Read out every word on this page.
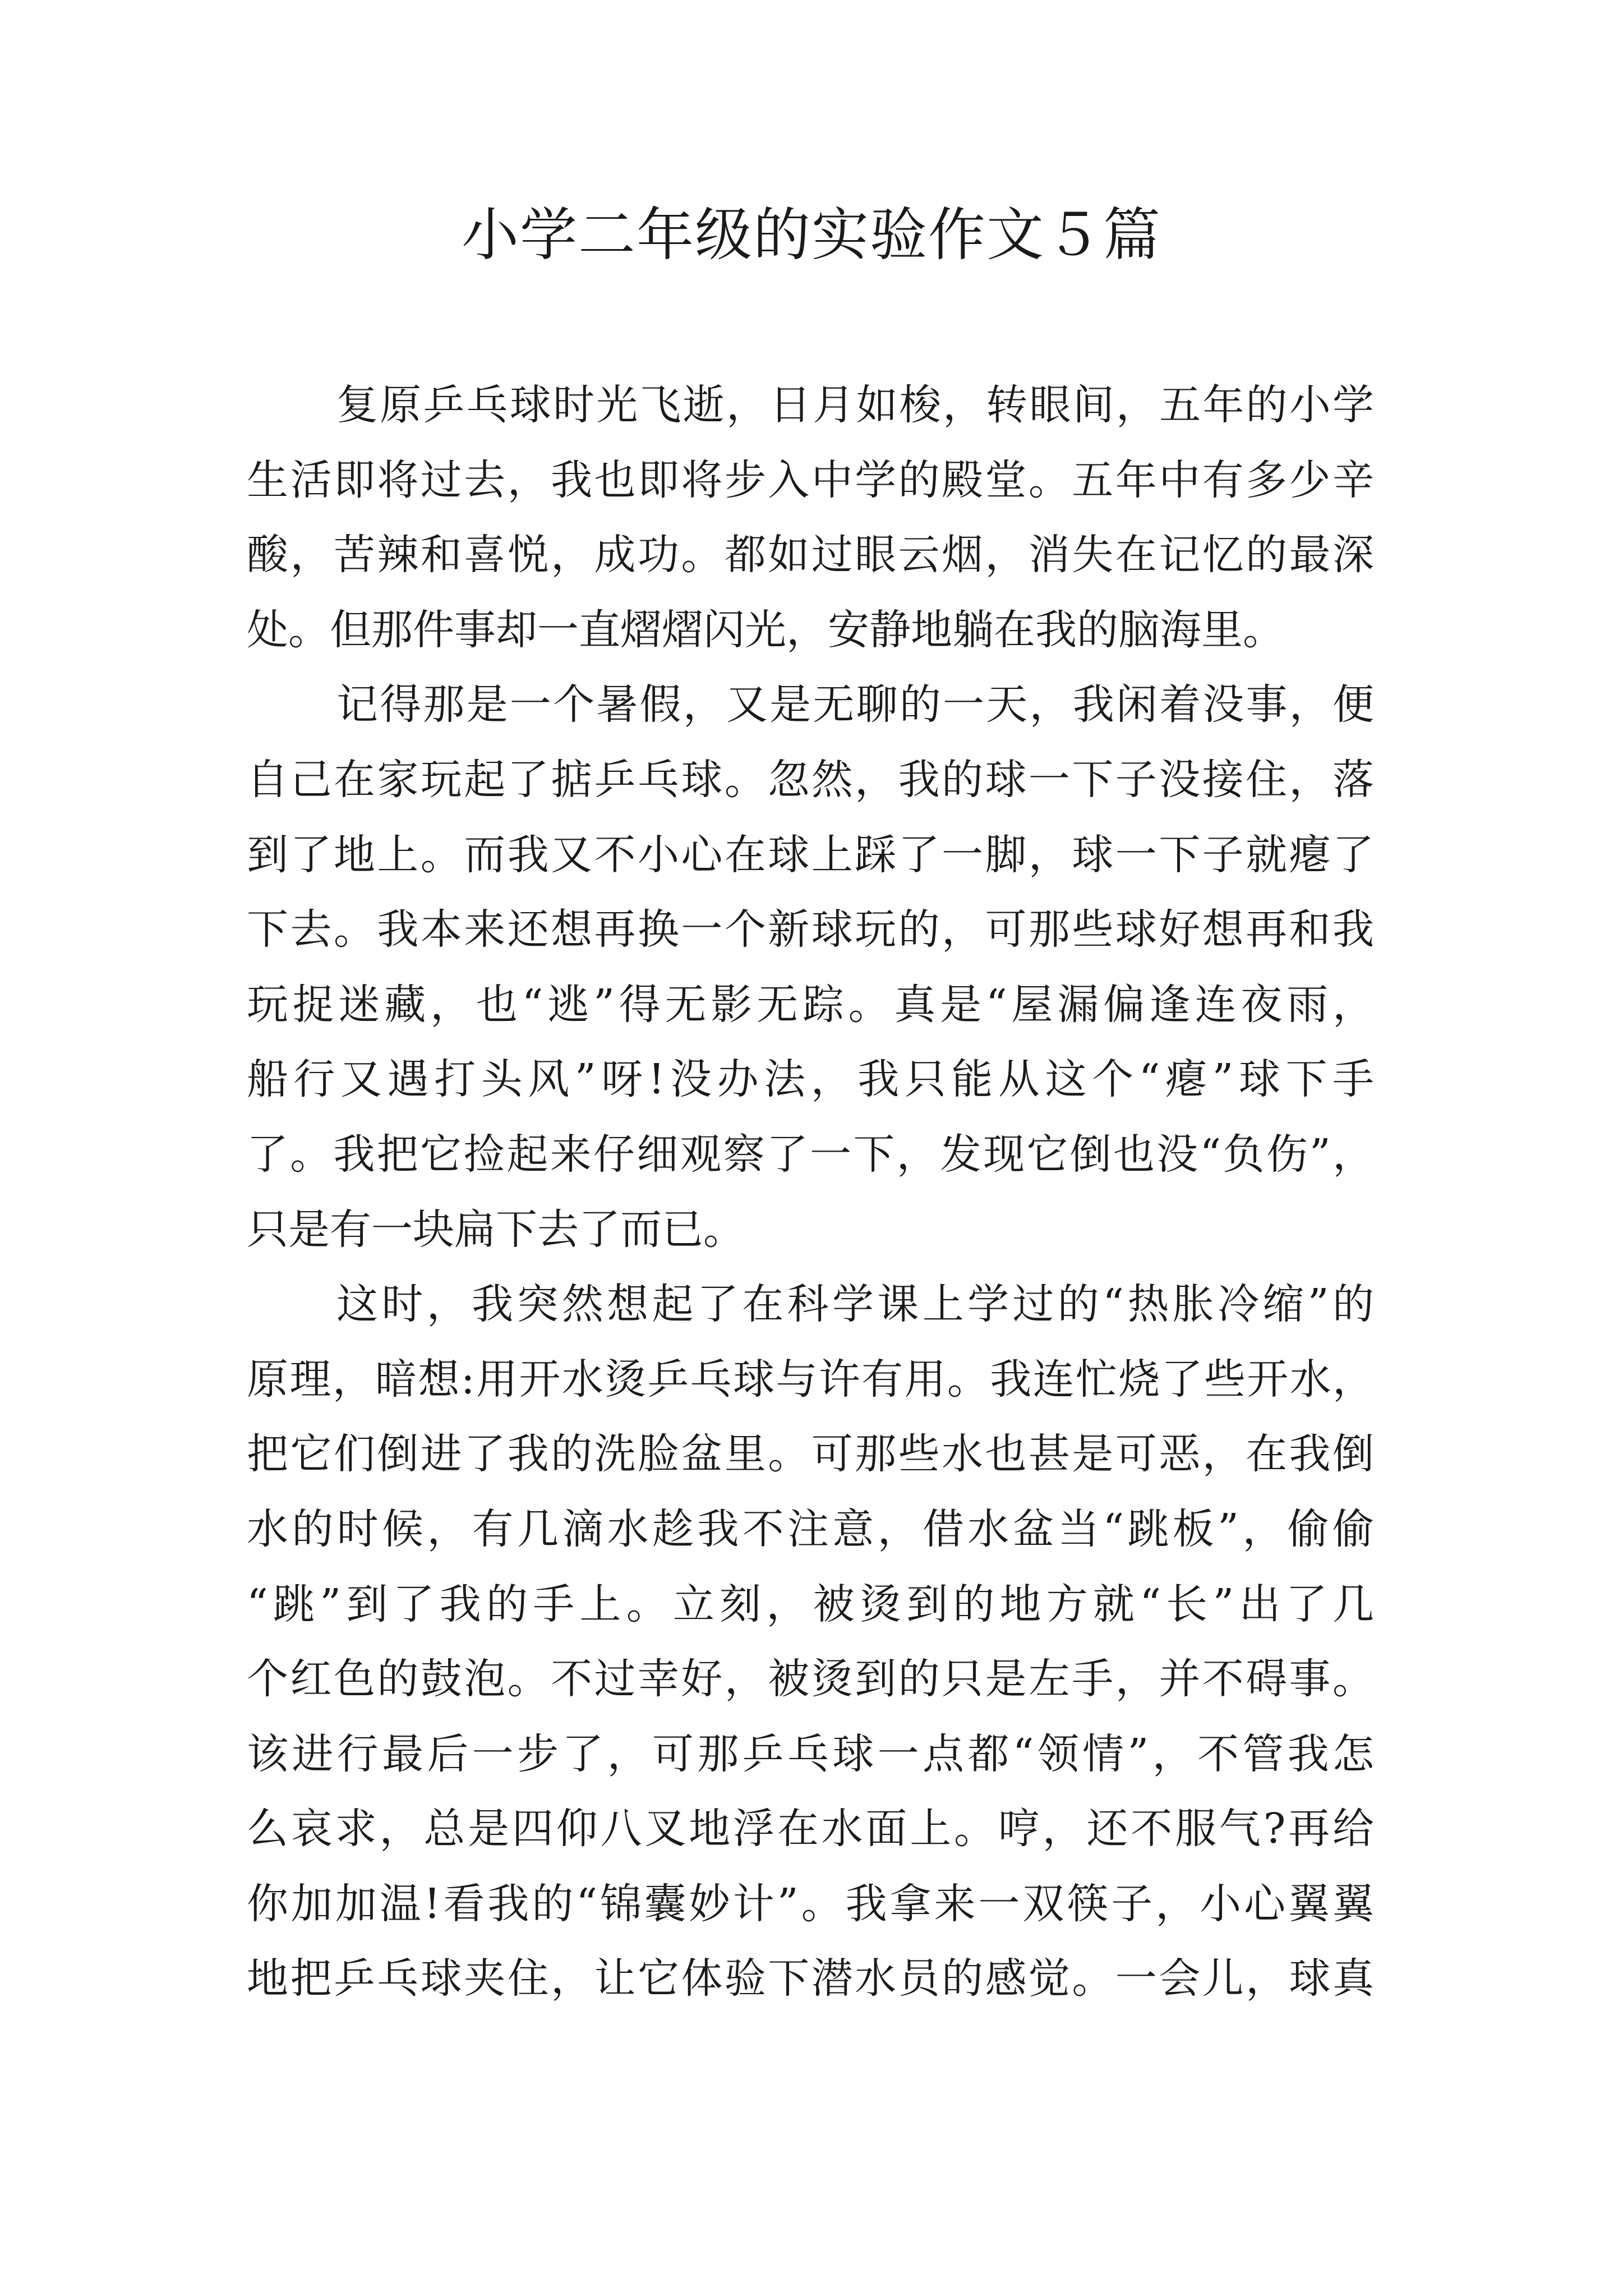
小学二年级的实验作文５篇
复原乒乓球时光飞逝，日月如梭，转眼间，五年的小学
生活即将过去，我也即将步入中学的殿堂。五年中有多少辛
酸，苦辣和喜悦，成功。都如过眼云烟，消失在记忆的最深
处。但那件事却一直熠熠闪光，安静地躺在我的脑海里。
记得那是一个暑假，又是无聊的一天，我闲着没事，便
自己在家玩起了掂乒乓球。忽然，我的球一下子没接住，落
到了地上。而我又不小心在球上踩了一脚，球一下子就瘪了
下去。我本来还想再换一个新球玩的，可那些球好想再和我
玩捉迷藏，也“逃”得无影无踪。真是“屋漏偏逢连夜雨，
船行又遇打头风”呀!没办法，我只能从这个“瘪”球下手
了。我把它捡起来仔细观察了一下，发现它倒也没“负伤”，
只是有一块扁下去了而已。
这时，我突然想起了在科学课上学过的“热胀冷缩”的
原理，暗想:用开水烫乒乓球与许有用。我连忙烧了些开水，
把它们倒进了我的洗脸盆里。可那些水也甚是可恶，在我倒
水的时候，有几滴水趁我不注意，借水盆当“跳板”，偷偷
“跳”到了我的手上。立刻，被烫到的地方就“长”出了几
个红色的鼓泡。不过幸好，被烫到的只是左手，并不碍事。
该进行最后一步了，可那乒乓球一点都“领情”，不管我怎
么哀求，总是四仰八叉地浮在水面上。哼，还不服气?再给
你加加温!看我的“锦囊妙计”。我拿来一双筷子，小心翼翼
地把乒乓球夹住，让它体验下潜水员的感觉。一会儿，球真
